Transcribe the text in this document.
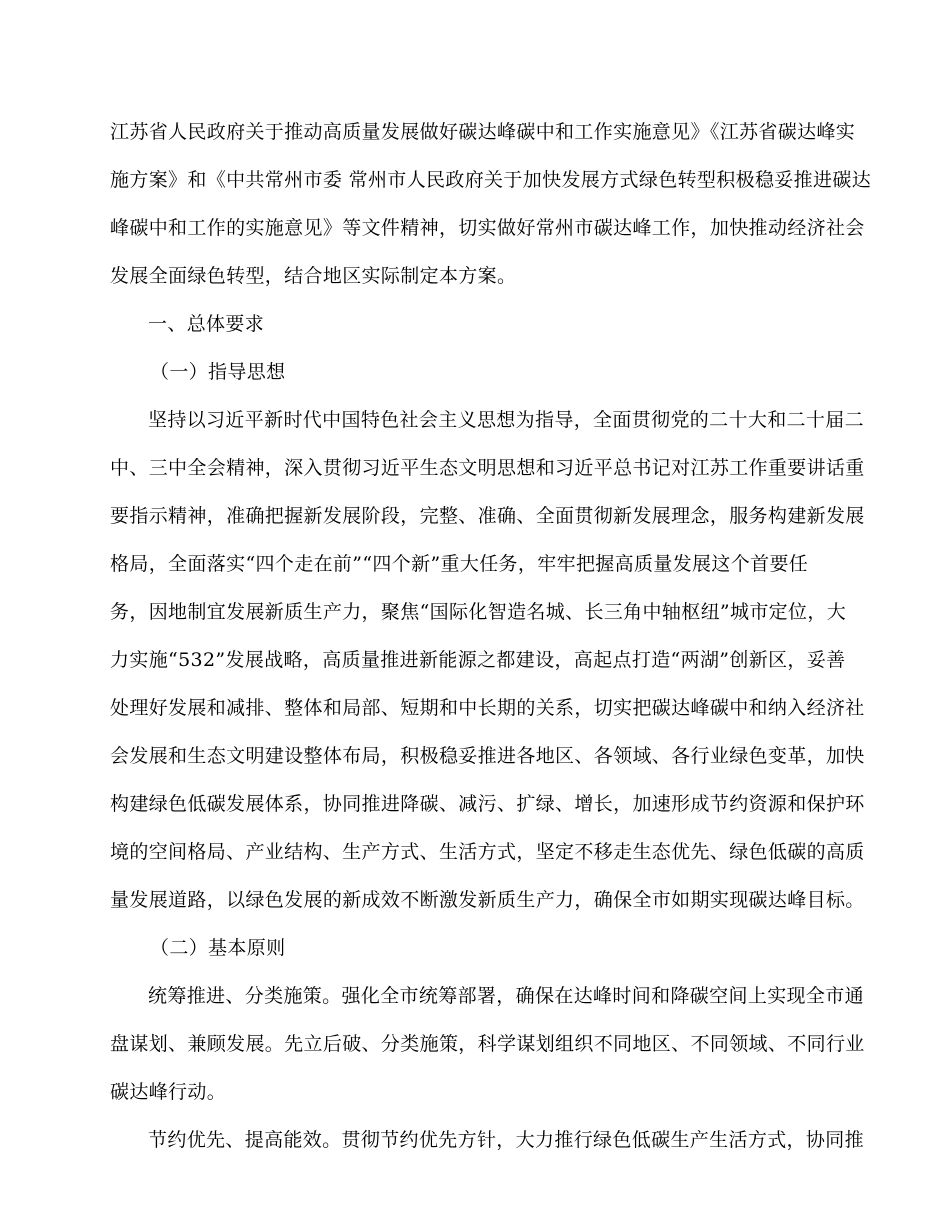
江苏省人民政府关于推动高质量发展做好碳达峰碳中和工作实施意见》《江苏省碳达峰实
施方案》和《中共常州市委 常州市人民政府关于加快发展方式绿色转型积极稳妥推进碳达
峰碳中和工作的实施意见》等文件精神，切实做好常州市碳达峰工作，加快推动经济社会
发展全面绿色转型，结合地区实际制定本方案。
一、总体要求
（一）指导思想
坚持以习近平新时代中国特色社会主义思想为指导，全面贯彻党的二十大和二十届二
中、三中全会精神，深入贯彻习近平生态文明思想和习近平总书记对江苏工作重要讲话重
要指示精神，准确把握新发展阶段，完整、准确、全面贯彻新发展理念，服务构建新发展
格局，全面落实“四个走在前”“四个新”重大任务，牢牢把握高质量发展这个首要任
务，因地制宜发展新质生产力，聚焦“国际化智造名城、长三角中轴枢纽”城市定位，大
力实施“532”发展战略，高质量推进新能源之都建设，高起点打造“两湖”创新区，妥善
处理好发展和减排、整体和局部、短期和中长期的关系，切实把碳达峰碳中和纳入经济社
会发展和生态文明建设整体布局，积极稳妥推进各地区、各领域、各行业绿色变革，加快
构建绿色低碳发展体系，协同推进降碳、减污、扩绿、增长，加速形成节约资源和保护环
境的空间格局、产业结构、生产方式、生活方式，坚定不移走生态优先、绿色低碳的高质
量发展道路，以绿色发展的新成效不断激发新质生产力，确保全市如期实现碳达峰目标。
（二）基本原则
统筹推进、分类施策。强化全市统筹部署，确保在达峰时间和降碳空间上实现全市通
盘谋划、兼顾发展。先立后破、分类施策，科学谋划组织不同地区、不同领域、不同行业
碳达峰行动。
节约优先、提高能效。贯彻节约优先方针，大力推行绿色低碳生产生活方式，协同推
